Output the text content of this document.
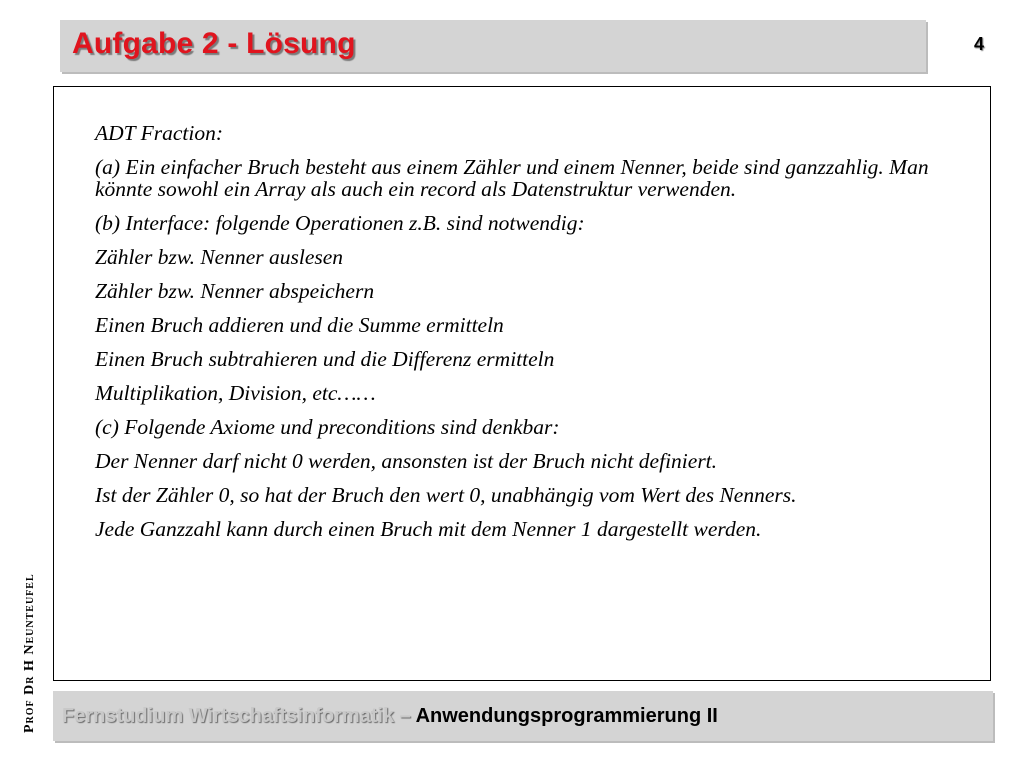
Aufgabe 2 - Lösung	4
ADT Fraction:
(a) Ein einfacher Bruch besteht aus einem Zähler und einem Nenner, beide sind ganzzahlig. Man könnte sowohl ein Array als auch ein record als Datenstruktur verwenden.
(b) Interface: folgende Operationen z.B. sind notwendig:
Zähler bzw. Nenner auslesen
Zähler bzw. Nenner abspeichern
Einen Bruch addieren und die Summe ermitteln
Einen Bruch subtrahieren und die Differenz ermitteln
Multiplikation, Division, etc……
(c) Folgende Axiome und preconditions sind denkbar:
Der Nenner darf nicht 0 werden, ansonsten ist der Bruch nicht definiert.
Ist der Zähler 0, so hat der Bruch den wert 0, unabhängig vom Wert des Nenners.
Jede Ganzzahl kann durch einen Bruch mit dem Nenner 1 dargestellt werden.
Prof Dr H Neunteufel Fernstudium Wirtschaftsinformatik – Anwendungsprogrammierung II
